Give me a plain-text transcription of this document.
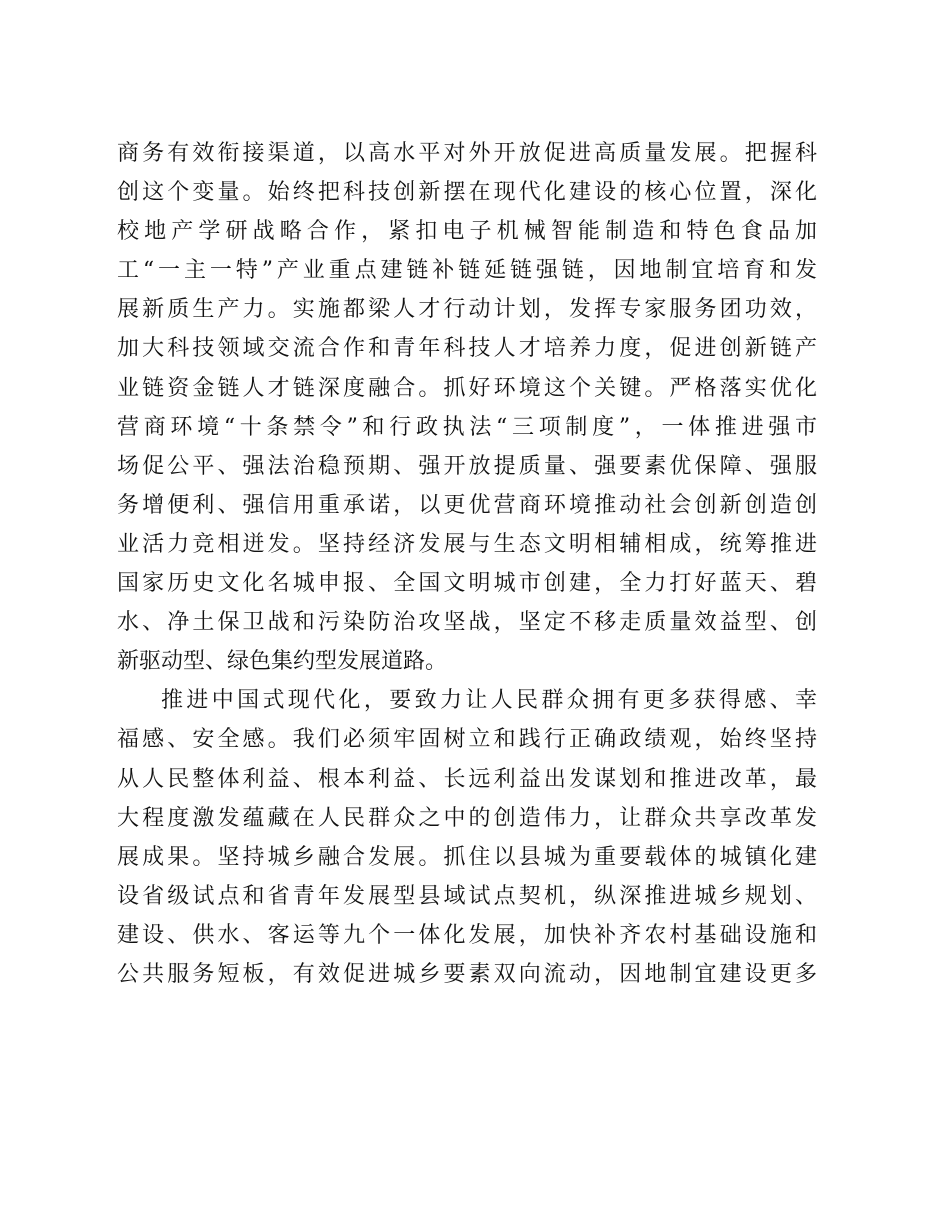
商务有效衔接渠道，以高水平对外开放促进高质量发展。把握科
创这个变量。始终把科技创新摆在现代化建设的核心位置，深化
校地产学研战略合作，紧扣电子机械智能制造和特色食品加
工“一主一特”产业重点建链补链延链强链，因地制宜培育和发
展新质生产力。实施都梁人才行动计划，发挥专家服务团功效，
加大科技领域交流合作和青年科技人才培养力度，促进创新链产
业链资金链人才链深度融合。抓好环境这个关键。严格落实优化
营商环境“十条禁令”和行政执法“三项制度”，一体推进强市
场促公平、强法治稳预期、强开放提质量、强要素优保障、强服
务增便利、强信用重承诺，以更优营商环境推动社会创新创造创
业活力竞相迸发。坚持经济发展与生态文明相辅相成，统筹推进
国家历史文化名城申报、全国文明城市创建，全力打好蓝天、碧
水、净土保卫战和污染防治攻坚战，坚定不移走质量效益型、创
新驱动型、绿色集约型发展道路。
推进中国式现代化，要致力让人民群众拥有更多获得感、幸
福感、安全感。我们必须牢固树立和践行正确政绩观，始终坚持
从人民整体利益、根本利益、长远利益出发谋划和推进改革，最
大程度激发蕴藏在人民群众之中的创造伟力，让群众共享改革发
展成果。坚持城乡融合发展。抓住以县城为重要载体的城镇化建
设省级试点和省青年发展型县域试点契机，纵深推进城乡规划、
建设、供水、客运等九个一体化发展，加快补齐农村基础设施和
公共服务短板，有效促进城乡要素双向流动，因地制宜建设更多
